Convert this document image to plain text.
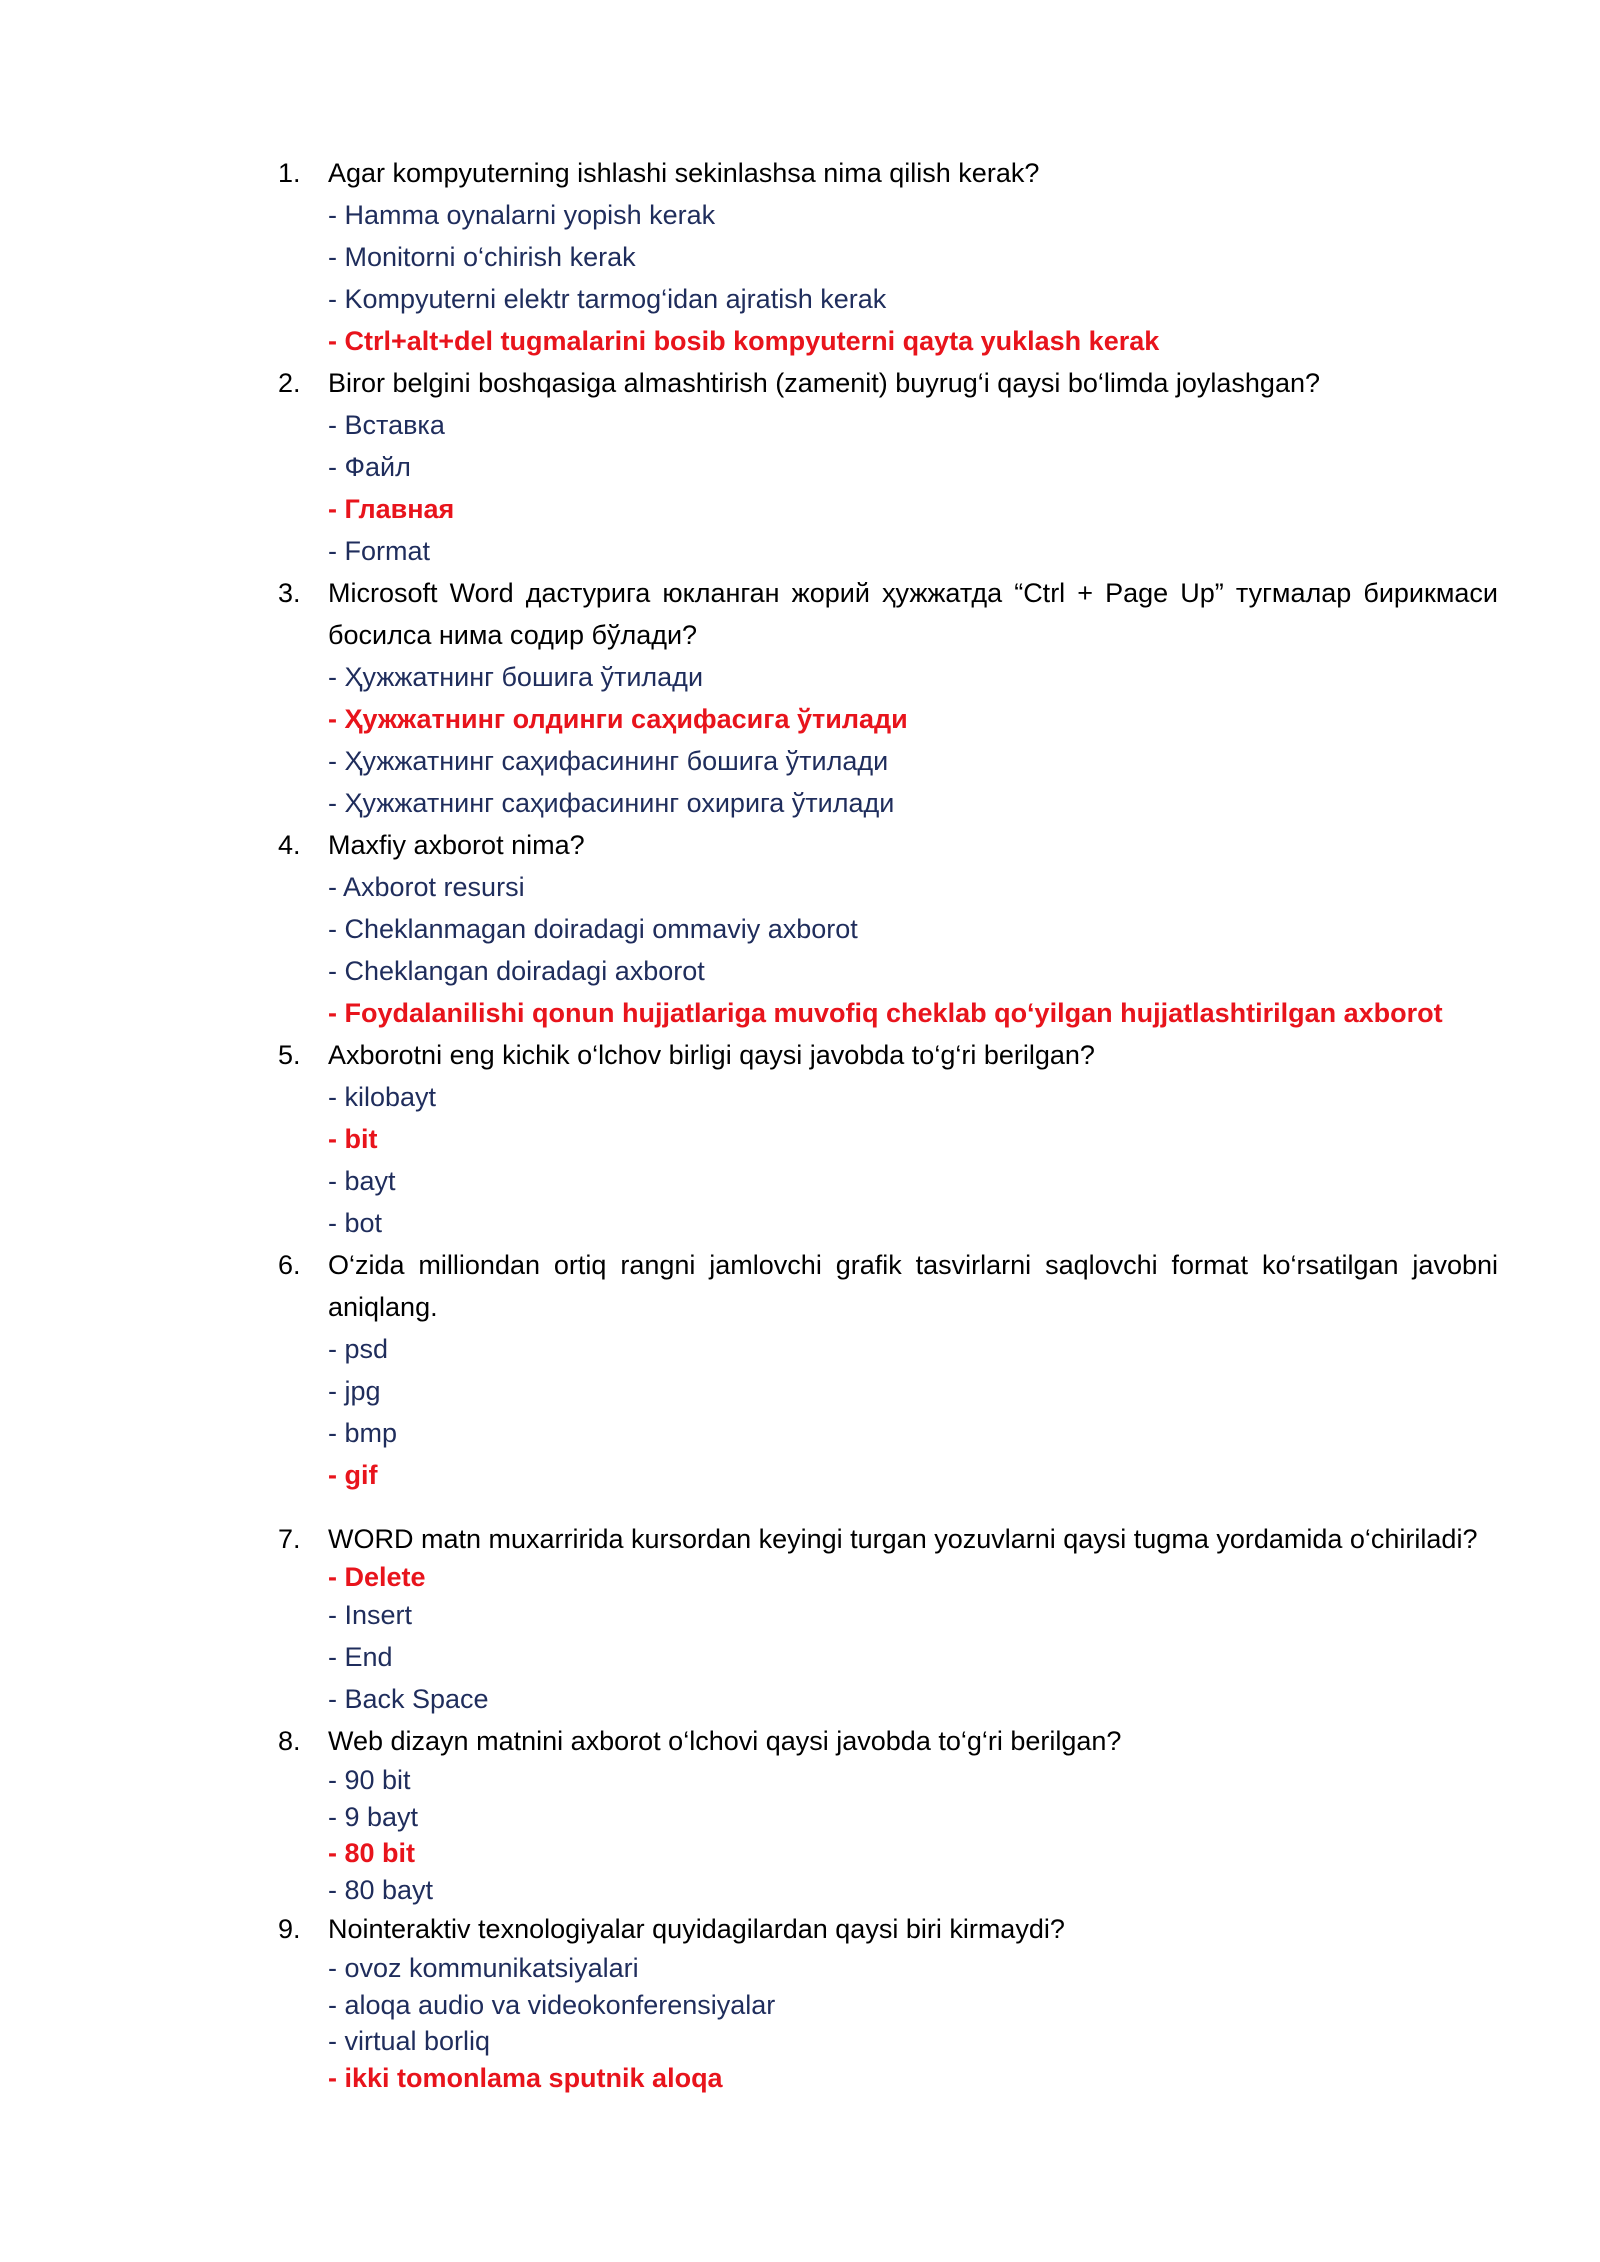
1.	Agar kompyuterning ishlashi sekinlashsa nima qilish kerak?
- Hamma oynalarni yopish kerak
- Monitorni o‘chirish kerak
- Kompyuterni elektr tarmog‘idan ajratish kerak
- Ctrl+alt+del tugmalarini bosib kompyuterni qayta yuklash kerak
2.	Biror belgini boshqasiga almashtirish (zamenit) buyrug‘i qaysi bo‘limda joylashgan?
- Вставка
- Файл
- Главная
- Format
3.	Microsoft Word дастурига юкланган жорий ҳужжатда “Ctrl + Page Up” тугмалар бирикмаси босилса нима содир бўлади?
- Ҳужжатнинг бошига ўтилади
- Ҳужжатнинг олдинги саҳифасига ўтилади
- Ҳужжатнинг саҳифасининг бошига ўтилади
- Ҳужжатнинг саҳифасининг охирига ўтилади
4.	Maxfiy axborot nima?
- Axborot resursi
- Cheklanmagan doiradagi ommaviy axborot
- Cheklangan doiradagi axborot
- Foydalanilishi qonun hujjatlariga muvofiq cheklab qo‘yilgan hujjatlashtirilgan axborot
5.	Axborotni eng kichik o‘lchov birligi qaysi javobda to‘g‘ri berilgan?
- kilobayt
- bit
- bayt
- bot
6.	O‘zida milliondan ortiq rangni jamlovchi grafik tasvirlarni saqlovchi format ko‘rsatilgan javobni aniqlang.
- psd
- jpg
- bmp
- gif
7.	WORD matn muxarririda kursordan keyingi turgan yozuvlarni qaysi tugma yordamida o‘chiriladi?
- Delete
- Insert
- End
- Back Space
8.	Web dizayn matnini axborot o‘lchovi qaysi javobda to‘g‘ri berilgan?
- 90 bit
- 9 bayt
- 80 bit
- 80 bayt
9.	Nointeraktiv texnologiyalar quyidagilardan qaysi biri kirmaydi?
- ovoz kommunikatsiyalari
- aloqa audio va videokonferensiyalar
- virtual borliq
- ikki tomonlama sputnik aloqa
